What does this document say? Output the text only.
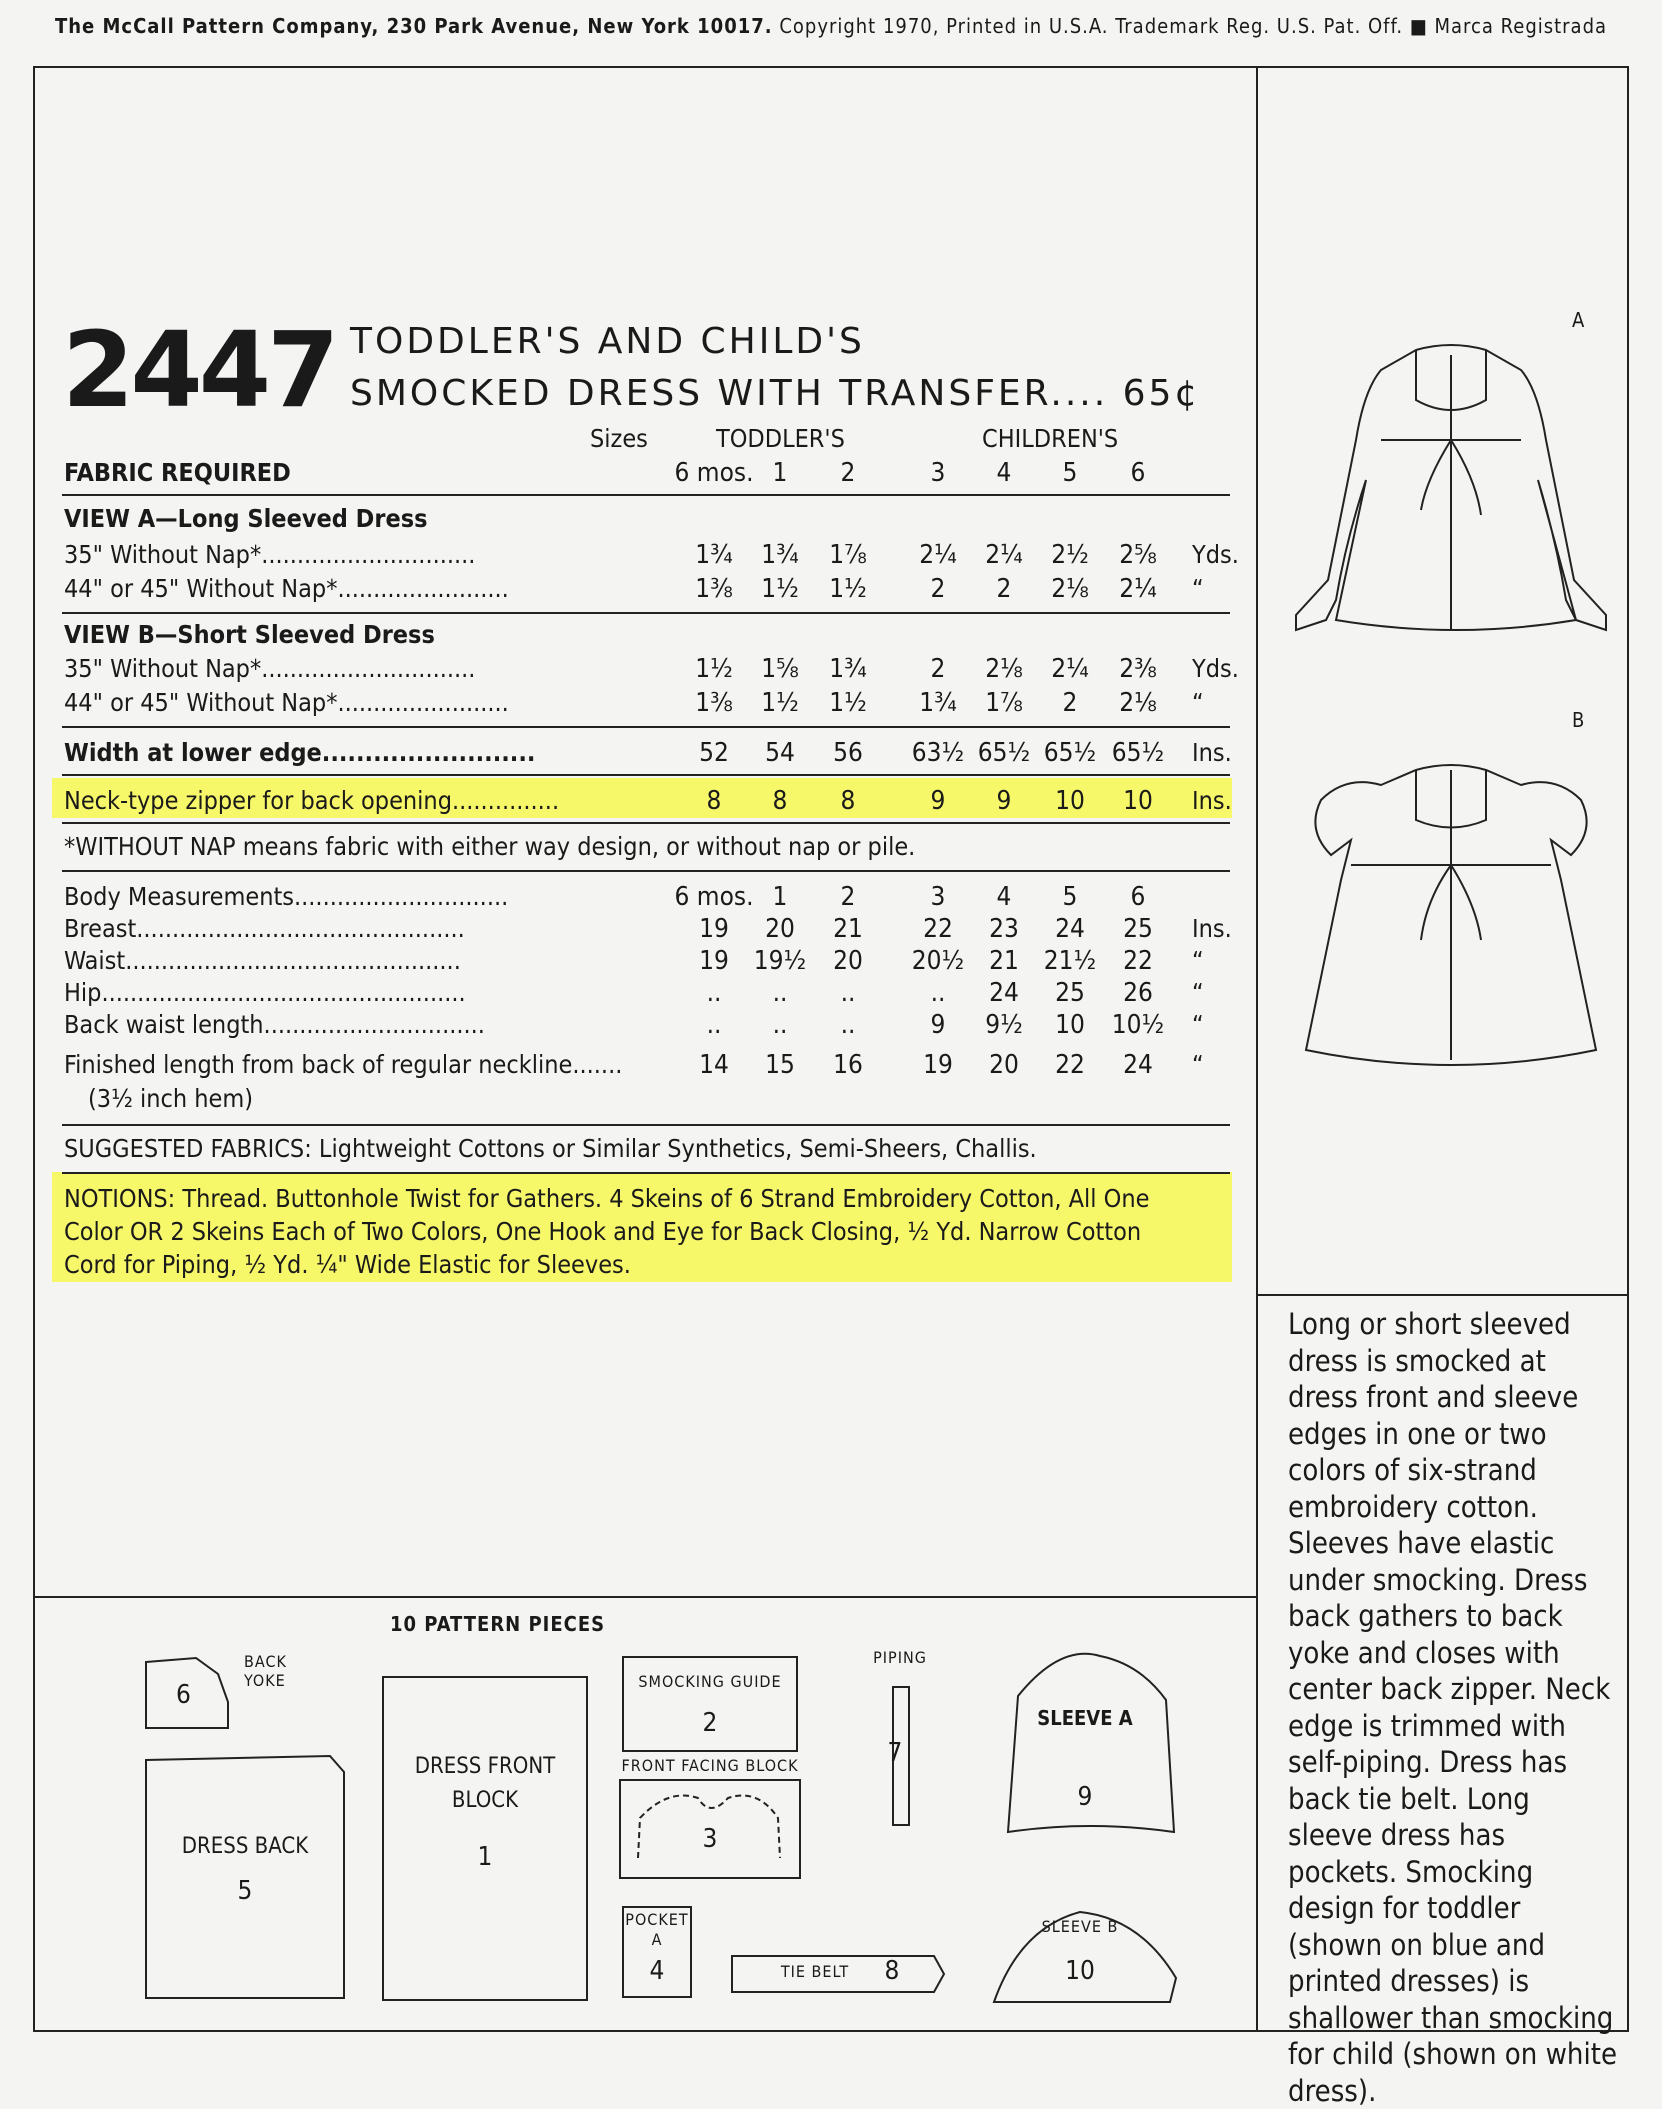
The McCall Pattern Company, 230 Park Avenue, New York 10017. Copyright 1970, Printed in U.S.A. Trademark Reg. U.S. Pat. Off. ■ Marca Registrada
2447 TODDLER'S AND CHILD'S
SMOCKED DRESS WITH TRANSFER.... 65¢
Sizes	TODDLER'S	CHILDREN'S
FABRIC REQUIRED	6 mos. 1 2	3 4 5 6
VIEW A—Long Sleeved Dress
35" Without Nap*..............................	1¾ 1¾ 1⅞ 2¼ 2¼ 2½ 2⅝ Yds.
44" or 45" Without Nap*........................	1⅜ 1½ 1½ 2 2 2⅛ 2¼ “
VIEW B—Short Sleeved Dress
35" Without Nap*..............................	1½ 1⅝ 1¾ 2 2⅛ 2¼ 2⅜ Yds.
44" or 45" Without Nap*........................	1⅜ 1½ 1½ 1¾ 1⅞ 2 2⅛ “
Width at lower edge.........................	52 54 56 63½ 65½ 65½ 65½ Ins.
Neck-type zipper for back opening...............	8 8 8	9 9 10 10 Ins.
*WITHOUT NAP means fabric with either way design, or without nap or pile.
Body Measurements..............................	6 mos. 1 2	3 4 5 6
Breast..............................................	19 20 21 22 23 24 25 Ins.
Waist...............................................	19 19½ 20 20½ 21 21½ 22 “
Hip...................................................	.. .. ..	.. 24 25 26 “
Back waist length...............................	.. .. ..	9 9½ 10 10½ “
Finished length from back of regular neckline.......	14 15 16 19 20 22 24 “
(3½ inch hem)
SUGGESTED FABRICS: Lightweight Cottons or Similar Synthetics, Semi-Sheers, Challis.
NOTIONS: Thread. Buttonhole Twist for Gathers. 4 Skeins of 6 Strand Embroidery Cotton, All One
Color OR 2 Skeins Each of Two Colors, One Hook and Eye for Back Closing, ½ Yd. Narrow Cotton
Cord for Piping, ½ Yd. ¼" Wide Elastic for Sleeves.
A
B
Long or short sleeved dress is smocked at dress front and sleeve edges in one or two colors of six-strand embroidery cotton. Sleeves have elastic under smocking. Dress back gathers to back yoke and closes with center back zipper. Neck edge is trimmed with self-piping. Dress has back tie belt. Long sleeve dress has pockets. Smocking design for toddler (shown on blue and printed dresses) is shallower than smocking for child (shown on white dress).
10 PATTERN PIECES
6
BACK YOKE
DRESS BACK
5
DRESS FRONT BLOCK
1
SMOCKING GUIDE
2
FRONT FACING BLOCK
3
POCKET A
4
PIPING
7
TIE BELT	8
SLEEVE A
9
SLEEVE B
10
